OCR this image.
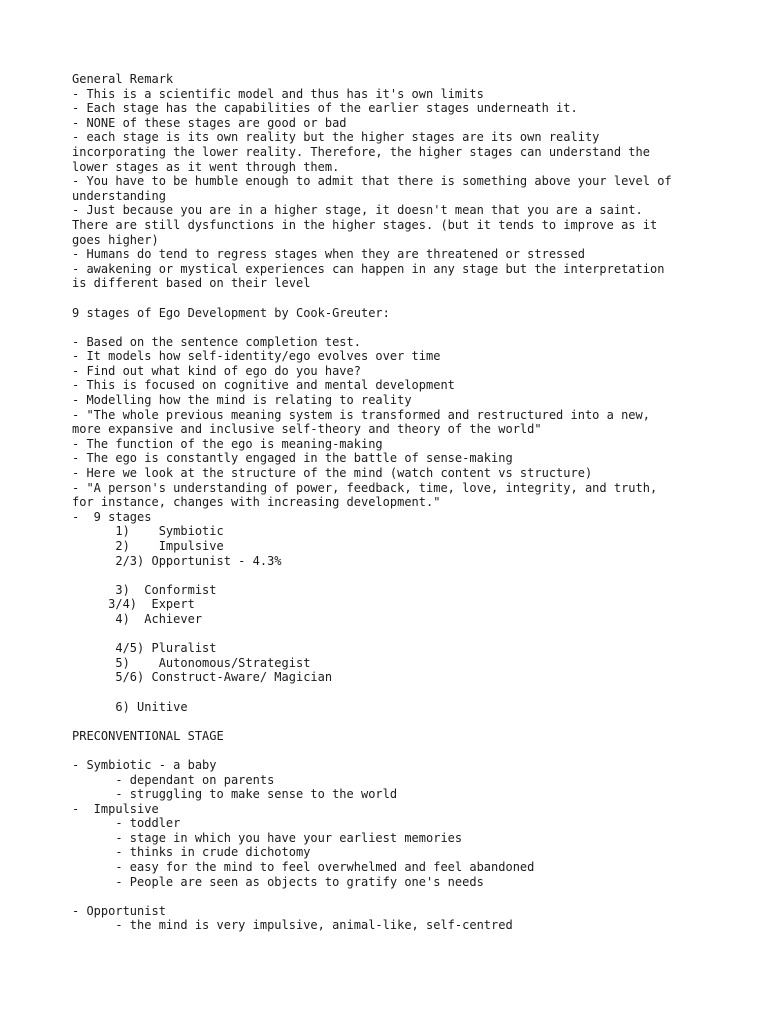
General Remark
- This is a scientific model and thus has it's own limits
- Each stage has the capabilities of the earlier stages underneath it.
- NONE of these stages are good or bad
- each stage is its own reality but the higher stages are its own reality
incorporating the lower reality. Therefore, the higher stages can understand the
lower stages as it went through them.
- You have to be humble enough to admit that there is something above your level of
understanding
- Just because you are in a higher stage, it doesn't mean that you are a saint.
There are still dysfunctions in the higher stages. (but it tends to improve as it
goes higher)
- Humans do tend to regress stages when they are threatened or stressed
- awakening or mystical experiences can happen in any stage but the interpretation
is different based on their level
9 stages of Ego Development by Cook-Greuter:
- Based on the sentence completion test.
- It models how self-identity/ego evolves over time
- Find out what kind of ego do you have?
- This is focused on cognitive and mental development
- Modelling how the mind is relating to reality
- "The whole previous meaning system is transformed and restructured into a new,
more expansive and inclusive self-theory and theory of the world"
- The function of the ego is meaning-making
- The ego is constantly engaged in the battle of sense-making
- Here we look at the structure of the mind (watch content vs structure)
- "A person's understanding of power, feedback, time, love, integrity, and truth,
for instance, changes with increasing development."
-  9 stages
1)    Symbiotic
2)    Impulsive
2/3) Opportunist - 4.3%
3)  Conformist
3/4)  Expert
4)  Achiever
4/5) Pluralist
5)    Autonomous/Strategist
5/6) Construct-Aware/ Magician
6) Unitive
PRECONVENTIONAL STAGE
- Symbiotic - a baby
- dependant on parents
- struggling to make sense to the world
-  Impulsive
- toddler
- stage in which you have your earliest memories
- thinks in crude dichotomy
- easy for the mind to feel overwhelmed and feel abandoned
- People are seen as objects to gratify one's needs
- Opportunist
- the mind is very impulsive, animal-like, self-centred
